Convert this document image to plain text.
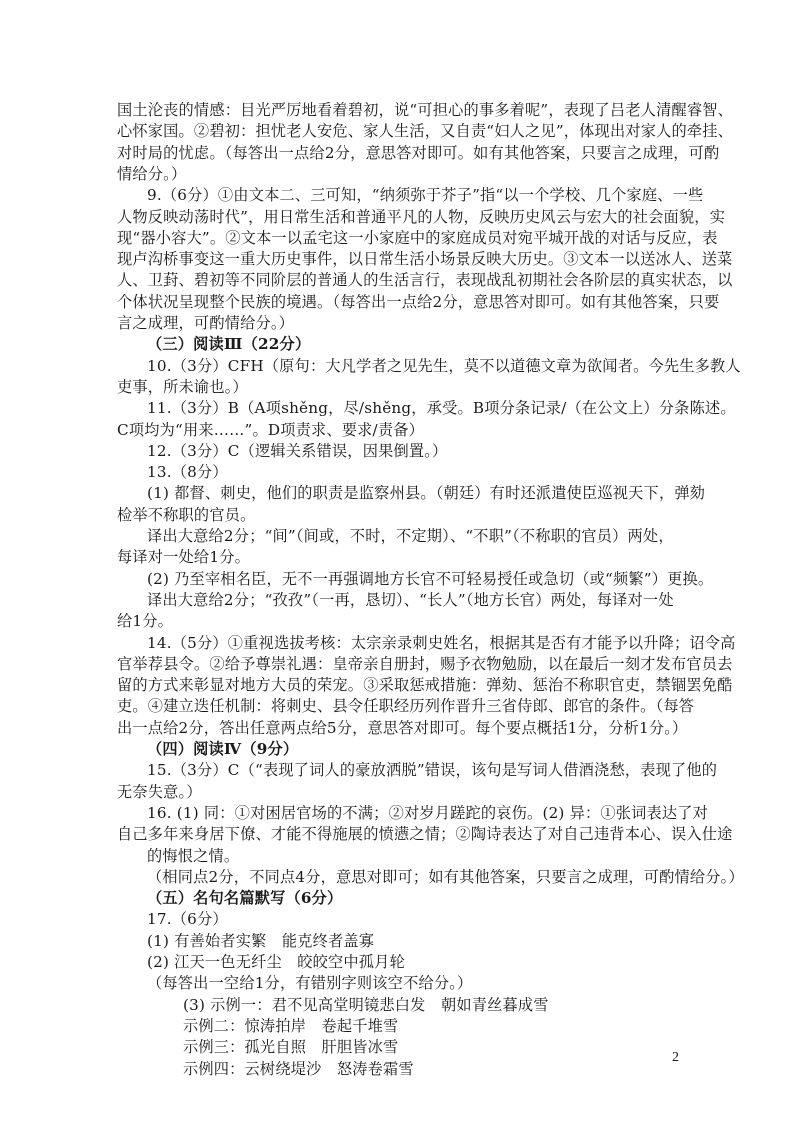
国土沦丧的情感：目光严厉地看着碧初，说“可担心的事多着呢”，表现了吕老人清醒睿智、
心怀家国。②碧初：担忧老人安危、家人生活，又自责“妇人之见”，体现出对家人的牵挂、
对时局的忧虑。（每答出一点给2分，意思答对即可。如有其他答案，只要言之成理，可酌
情给分。）
9.（6分）①由文本二、三可知，“纳须弥于芥子”指“以一个学校、几个家庭、一些
人物反映动荡时代”，用日常生活和普通平凡的人物，反映历史风云与宏大的社会面貌，实
现“器小容大”。②文本一以孟宅这一小家庭中的家庭成员对宛平城开战的对话与反应，表
现卢沟桥事变这一重大历史事件，以日常生活小场景反映大历史。③文本一以送冰人、送菜
人、卫葑、碧初等不同阶层的普通人的生活言行，表现战乱初期社会各阶层的真实状态，以
个体状况呈现整个民族的境遇。（每答出一点给2分，意思答对即可。如有其他答案，只要
言之成理，可酌情给分。）
（三）阅读Ⅲ（22分）
10.（3分）CFH（原句：大凡学者之见先生，莫不以道德文章为欲闻者。今先生多教人
吏事，所未谕也。）
11.（3分）B（A项shěng，尽/shěng，承受。B项分条记录/（在公文上）分条陈述。
C项均为“用来……”。D项责求、要求/责备）
12.（3分）C（逻辑关系错误，因果倒置。）
13.（8分）
(1) 都督、刺史，他们的职责是监察州县。（朝廷）有时还派遣使臣巡视天下，弹劾
检举不称职的官员。
译出大意给2分；“间”（间或，不时，不定期）、“不职”（不称职的官员）两处，
每译对一处给1分。
(2) 乃至宰相名臣，无不一再强调地方长官不可轻易授任或急切（或“频繁”）更换。
译出大意给2分；“孜孜”（一再，恳切）、“长人”（地方长官）两处，每译对一处
给1分。
14.（5分）①重视选拔考核：太宗亲录刺史姓名，根据其是否有才能予以升降；诏令高
官举荐县令。②给予尊崇礼遇：皇帝亲自册封，赐予衣物勉励，以在最后一刻才发布官员去
留的方式来彰显对地方大员的荣宠。③采取惩戒措施：弹劾、惩治不称职官吏，禁锢罢免酷
吏。④建立迭任机制：将刺史、县令任职经历列作晋升三省侍郎、郎官的条件。（每答
出一点给2分，答出任意两点给5分，意思答对即可。每个要点概括1分，分析1分。）
（四）阅读Ⅳ（9分）
15.（3分）C（“表现了词人的豪放洒脱”错误，该句是写词人借酒浇愁，表现了他的
无奈失意。）
16. (1) 同：①对困居官场的不满；②对岁月蹉跎的哀伤。(2) 异：①张词表达了对
自己多年来身居下僚、才能不得施展的愤懑之情；②陶诗表达了对自己违背本心、误入仕途
的悔恨之情。
（相同点2分，不同点4分，意思对即可；如有其他答案，只要言之成理，可酌情给分。）
（五）名句名篇默写（6分）
17.（6分）
(1) 有善始者实繁　能克终者盖寡
(2) 江天一色无纤尘　皎皎空中孤月轮
（每答出一空给1分，有错别字则该空不给分。）
(3) 示例一：君不见高堂明镜悲白发　朝如青丝暮成雪
示例二：惊涛拍岸　卷起千堆雪
示例三：孤光自照　肝胆皆冰雪
示例四：云树绕堤沙　怒涛卷霜雪
2
